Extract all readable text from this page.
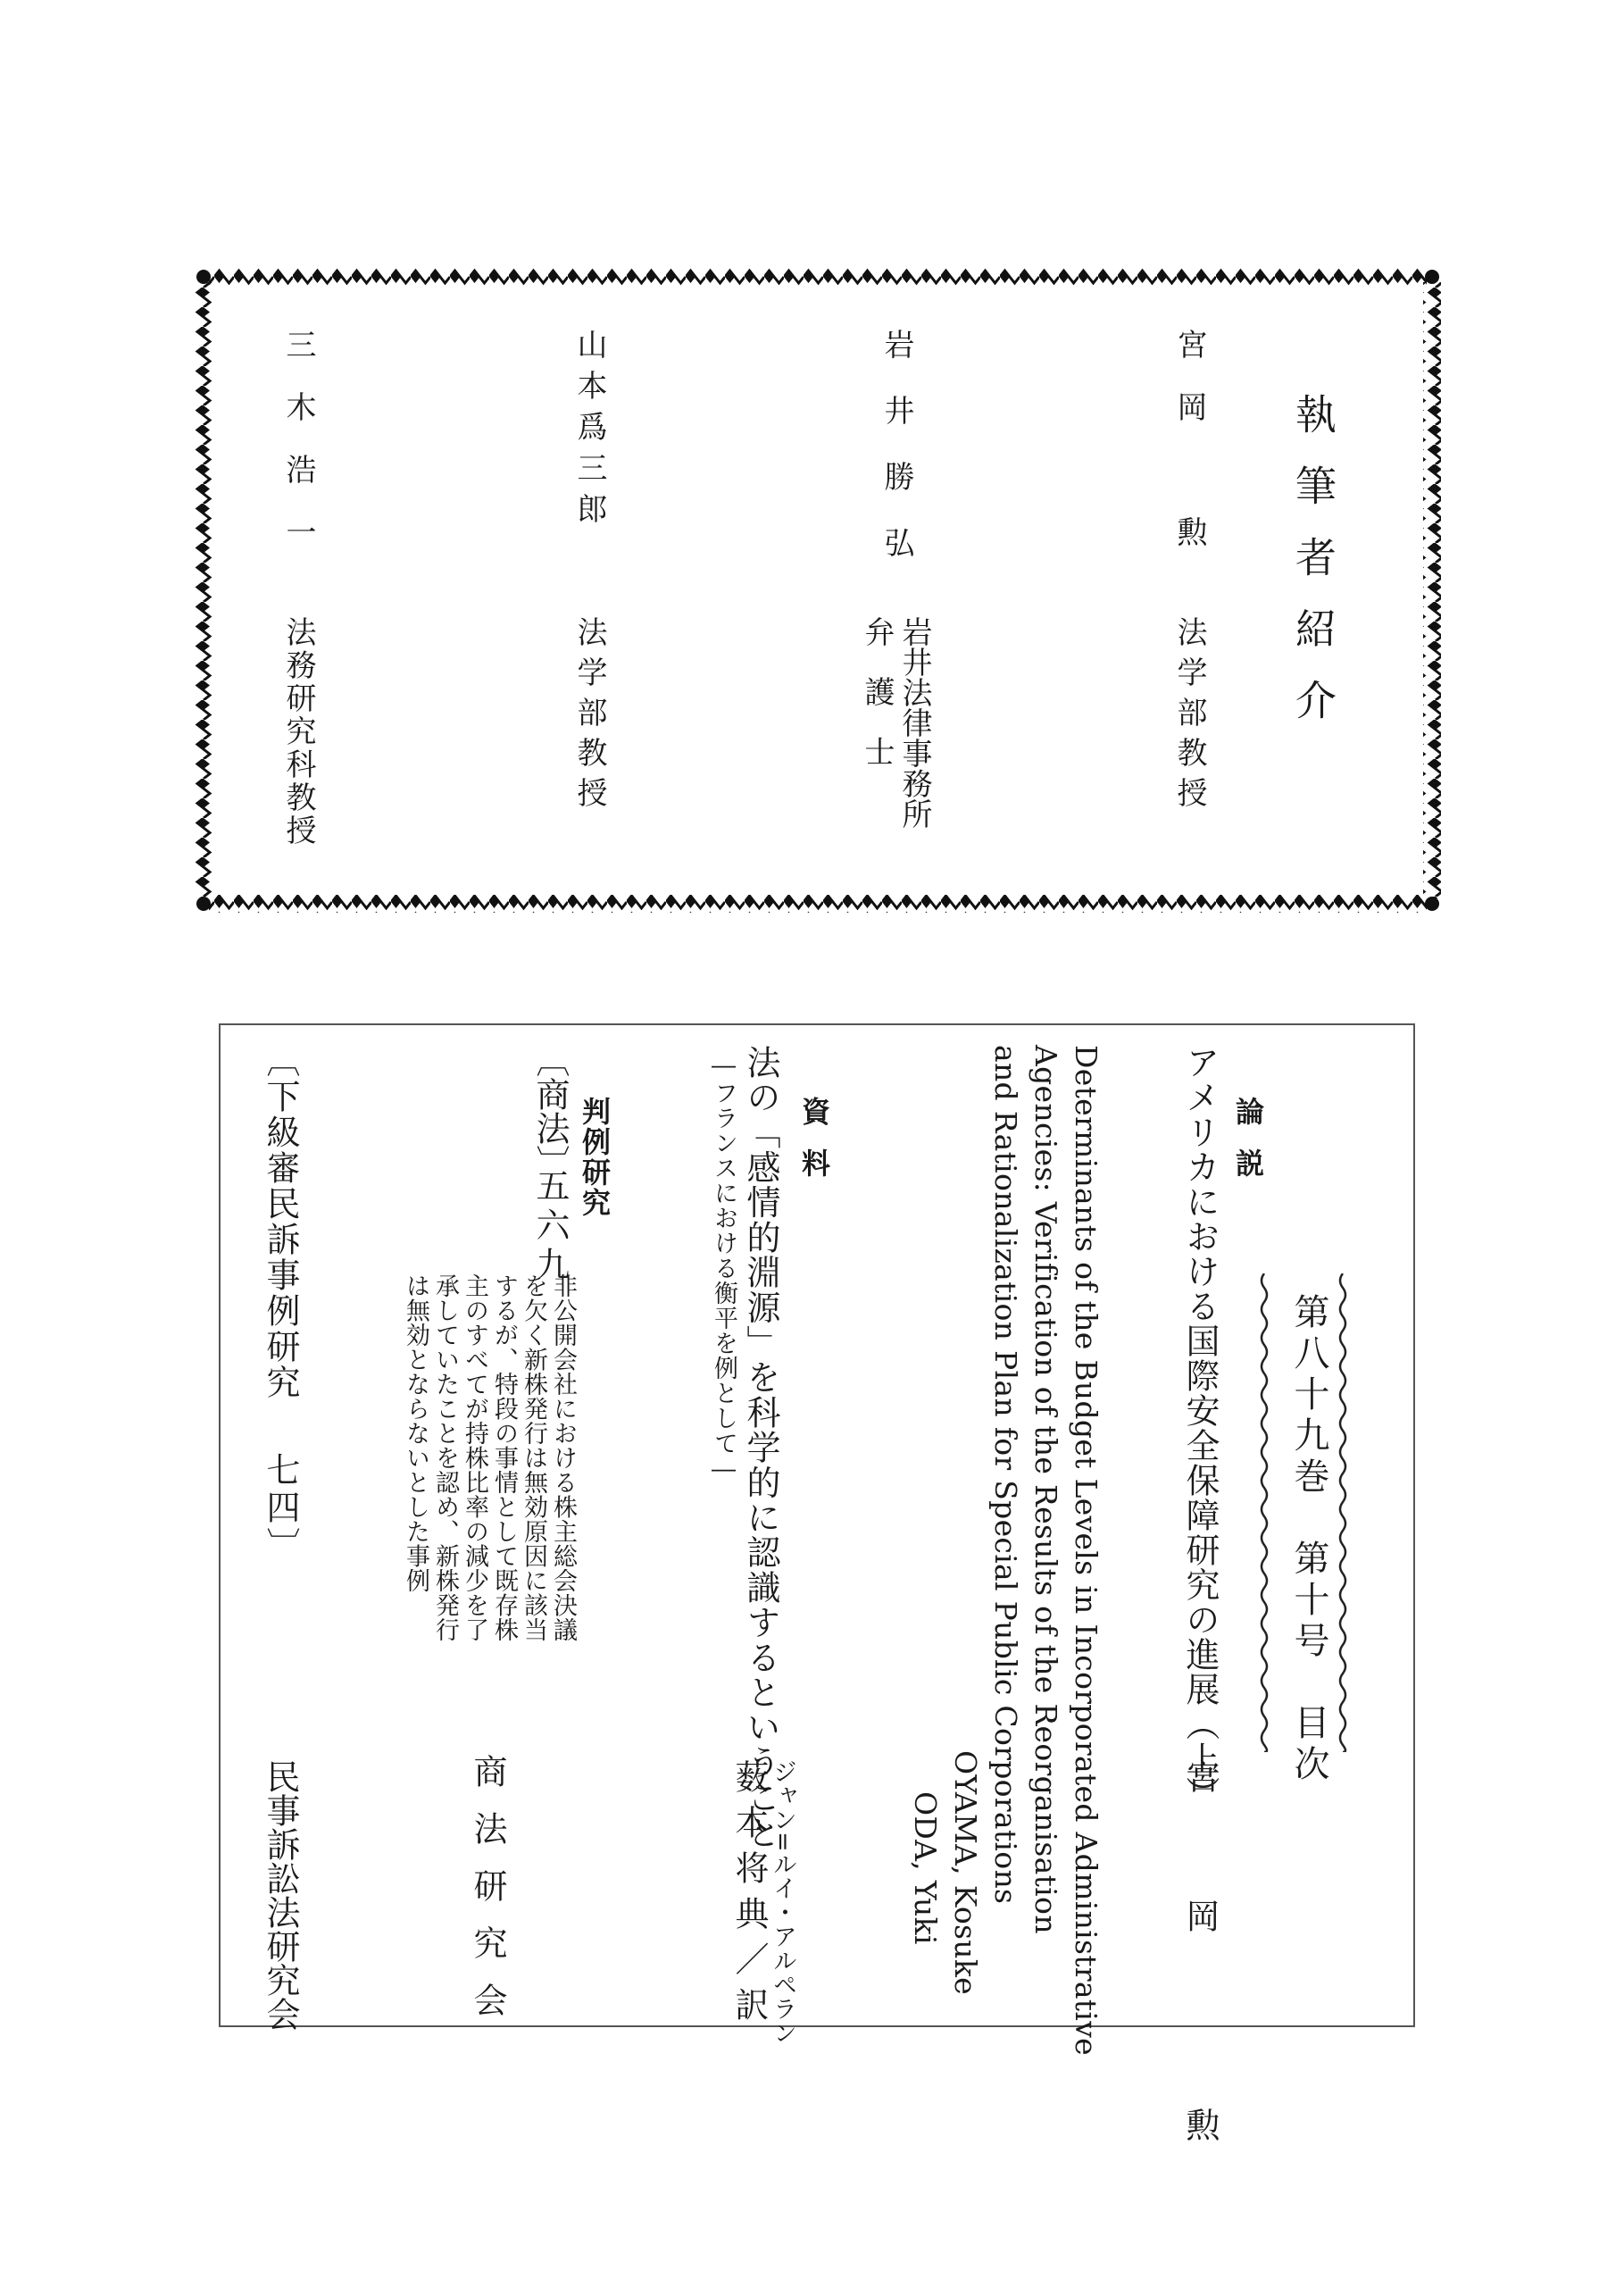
執筆者紹介
宮岡　勲
法学部教授
岩井勝弘
岩井法律事務所
弁護士
山本爲三郎
法学部教授
三木浩一
法務研究科教授
第八十九巻　第十号　目次
論説
アメリカにおける国際安全保障研究の進展（上）
宮　岡　　勲
Determinants of the Budget Levels in Incorporated Administrative
Agencies: Verification of the Results of the Reorganisation
and Rationalization Plan for Special Public Corporations
OYAMA, Kosuke
ODA, Yuki
資料
法の「感情的淵源」を科学的に認識するということ
―フランスにおける衡平を例として―
ジャン=ルイ・アルペラン
薮本将典／訳
判例研究
〔商法〕
五六九
非公開会社における株主総会決議
を欠く新株発行は無効原因に該当
するが、特段の事情として既存株
主のすべてが持株比率の減少を了
承していたことを認め、新株発行
は無効とならないとした事例
商法研究会
〔下級審民訴事例研究
七四〕
民事訴訟法研究会
